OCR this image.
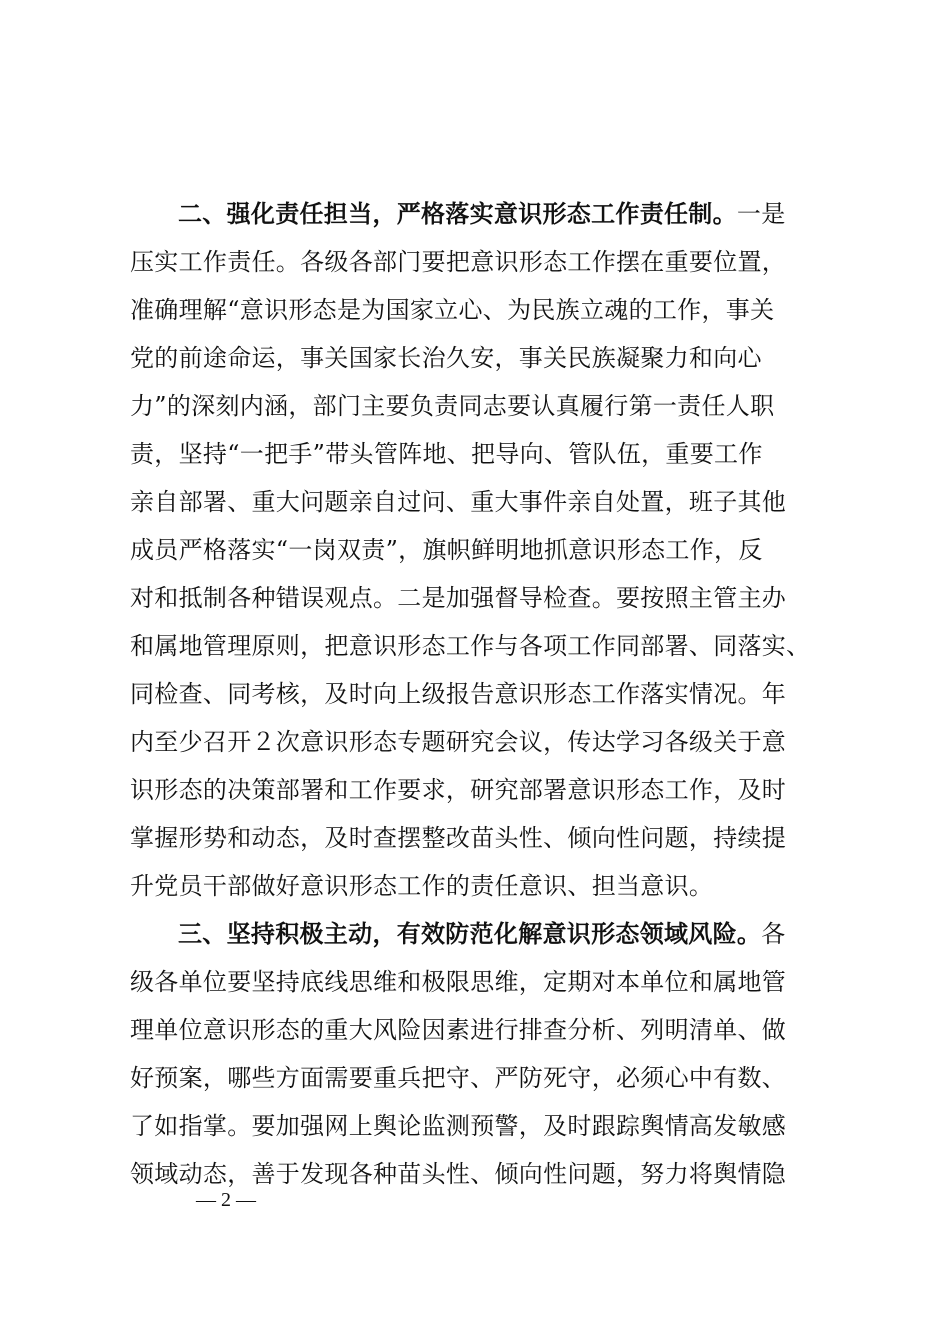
二、强化责任担当，严格落实意识形态工作责任制。一是
压实工作责任。各级各部门要把意识形态工作摆在重要位置，
准确理解“意识形态是为国家立心、为民族立魂的工作，事关
党的前途命运，事关国家长治久安，事关民族凝聚力和向心
力”的深刻内涵，部门主要负责同志要认真履行第一责任人职
责，坚持“一把手”带头管阵地、把导向、管队伍，重要工作
亲自部署、重大问题亲自过问、重大事件亲自处置，班子其他
成员严格落实“一岗双责”，旗帜鲜明地抓意识形态工作，反
对和抵制各种错误观点。二是加强督导检查。要按照主管主办
和属地管理原则，把意识形态工作与各项工作同部署、同落实、
同检查、同考核，及时向上级报告意识形态工作落实情况。年
内至少召开２次意识形态专题研究会议，传达学习各级关于意
识形态的决策部署和工作要求，研究部署意识形态工作，及时
掌握形势和动态，及时查摆整改苗头性、倾向性问题，持续提
升党员干部做好意识形态工作的责任意识、担当意识。
三、坚持积极主动，有效防范化解意识形态领域风险。各
级各单位要坚持底线思维和极限思维，定期对本单位和属地管
理单位意识形态的重大风险因素进行排查分析、列明清单、做
好预案，哪些方面需要重兵把守、严防死守，必须心中有数、
了如指掌。要加强网上舆论监测预警，及时跟踪舆情高发敏感
领域动态，善于发现各种苗头性、倾向性问题，努力将舆情隐
— 2 —
